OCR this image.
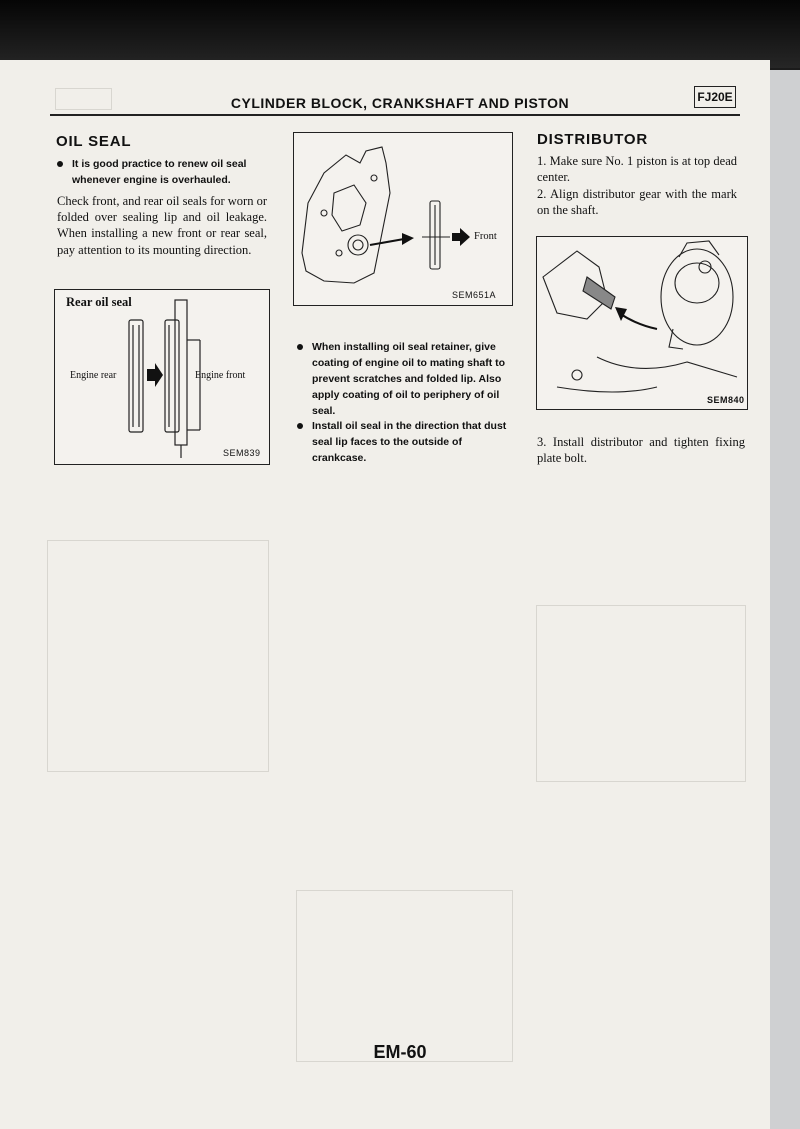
CYLINDER BLOCK, CRANKSHAFT AND PISTON	FJ20E
OIL SEAL
It is good practice to renew oil seal whenever engine is overhauled.
Check front, and rear oil seals for worn or folded over sealing lip and oil leakage. When installing a new front or rear seal, pay attention to its mounting direction.
Rear oil seal
Engine rear	Engine front
SEM839
Front
SEM651A
When installing oil seal retainer, give coating of engine oil to mating shaft to prevent scratches and folded lip. Also apply coating of oil to periphery of oil seal.
Install oil seal in the direction that dust seal lip faces to the outside of crankcase.
DISTRIBUTOR
1. Make sure No. 1 piston is at top dead center.
2. Align distributor gear with the mark on the shaft.
SEM840
3. Install distributor and tighten fixing plate bolt.
EM-60
